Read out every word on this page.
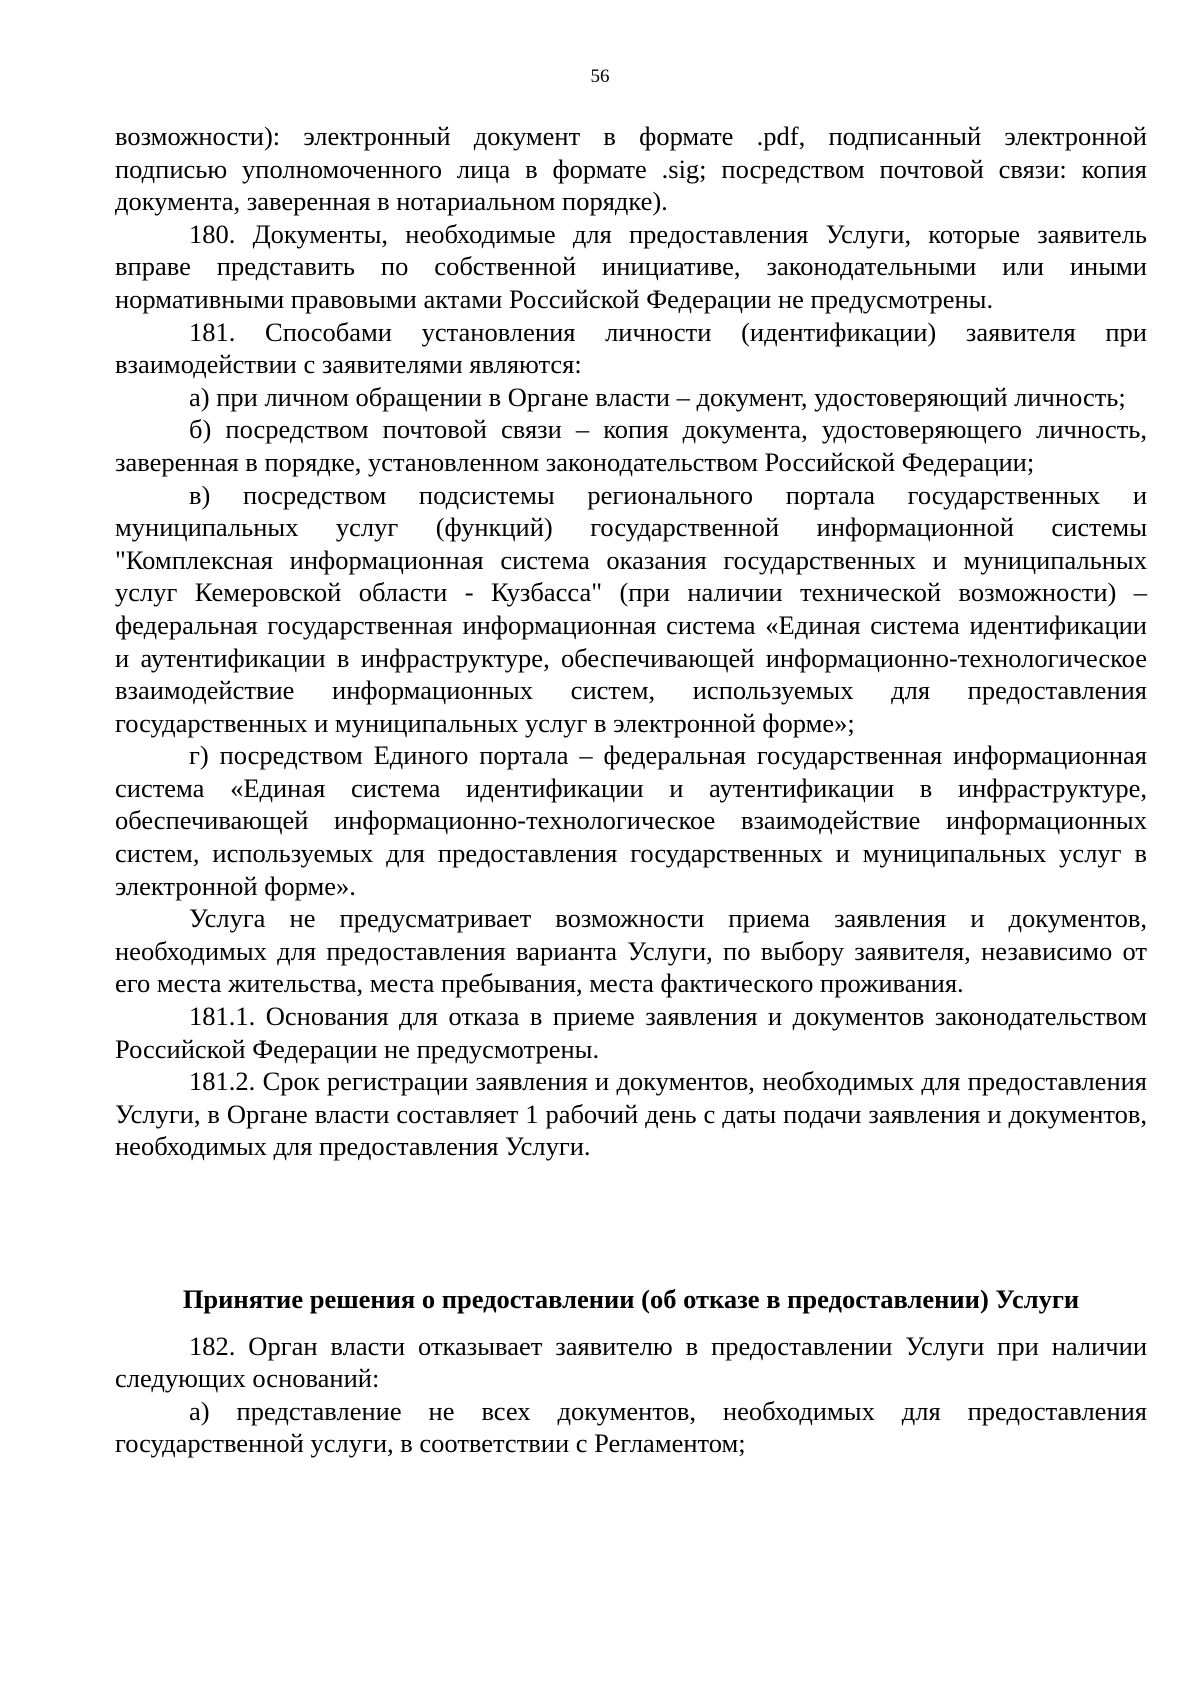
56

возможности): электронный документ в формате .pdf, подписанный электронной подписью уполномоченного лица в формате .sig; посредством почтовой связи: копия документа, заверенная в нотариальном порядке).

180. Документы, необходимые для предоставления Услуги, которые заявитель вправе представить по собственной инициативе, законодательными или иными нормативными правовыми актами Российской Федерации не предусмотрены.

181. Способами установления личности (идентификации) заявителя при взаимодействии с заявителями являются:

а) при личном обращении в Органе власти – документ, удостоверяющий личность;

б) посредством почтовой связи – копия документа, удостоверяющего личность, заверенная в порядке, установленном законодательством Российской Федерации;

в) посредством подсистемы регионального портала государственных и муниципальных услуг (функций) государственной информационной системы "Комплексная информационная система оказания государственных и муниципальных услуг Кемеровской области - Кузбасса" (при наличии технической возможности) – федеральная государственная информационная система «Единая система идентификации и аутентификации в инфраструктуре, обеспечивающей информационно-технологическое взаимодействие информационных систем, используемых для предоставления государственных и муниципальных услуг в электронной форме»;

г) посредством Единого портала – федеральная государственная информационная система «Единая система идентификации и аутентификации в инфраструктуре, обеспечивающей информационно-технологическое взаимодействие информационных систем, используемых для предоставления государственных и муниципальных услуг в электронной форме».

Услуга не предусматривает возможности приема заявления и документов, необходимых для предоставления варианта Услуги, по выбору заявителя, независимо от его места жительства, места пребывания, места фактического проживания.

181.1. Основания для отказа в приеме заявления и документов законодательством Российской Федерации не предусмотрены.

181.2. Срок регистрации заявления и документов, необходимых для предоставления Услуги, в Органе власти составляет 1 рабочий день с даты подачи заявления и документов, необходимых для предоставления Услуги.

Принятие решения о предоставлении (об отказе в предоставлении) Услуги

182. Орган власти отказывает заявителю в предоставлении Услуги при наличии следующих оснований:

а) представление не всех документов, необходимых для предоставления государственной услуги, в соответствии с Регламентом;
